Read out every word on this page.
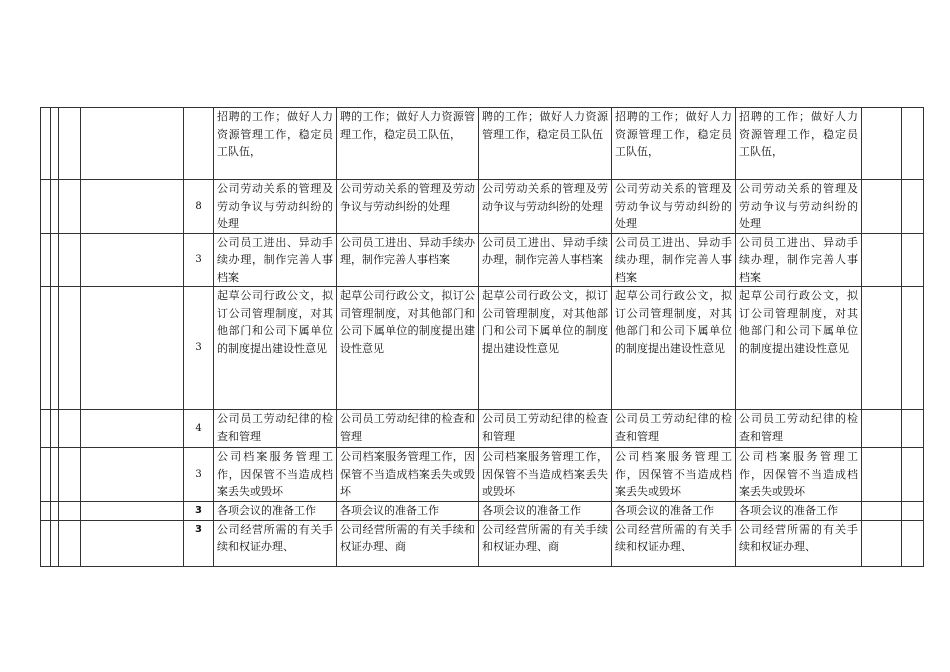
					招聘的工作；做好人力资源管理工作，稳定员工队伍，	聘的工作；做好人力资源管理工作，稳定员工队伍，	聘的工作；做好人力资源管理工作，稳定员工队伍	招聘的工作；做好人力资源管理工作，稳定员工队伍，	招聘的工作；做好人力资源管理工作，稳定员工队伍，		
				8	公司劳动关系的管理及劳动争议与劳动纠纷的处理	公司劳动关系的管理及劳动争议与劳动纠纷的处理	公司劳动关系的管理及劳动争议与劳动纠纷的处理	公司劳动关系的管理及劳动争议与劳动纠纷的处理	公司劳动关系的管理及劳动争议与劳动纠纷的处理		
				3	公司员工进出、异动手续办理，制作完善人事档案	公司员工进出、异动手续办理，制作完善人事档案	公司员工进出、异动手续办理，制作完善人事档案	公司员工进出、异动手续办理，制作完善人事档案	公司员工进出、异动手续办理，制作完善人事档案		
				3	起草公司行政公文，拟订公司管理制度，对其他部门和公司下属单位的制度提出建设性意见	起草公司行政公文，拟订公司管理制度，对其他部门和公司下属单位的制度提出建设性意见	起草公司行政公文，拟订公司管理制度，对其他部门和公司下属单位的制度提出建设性意见	起草公司行政公文，拟订公司管理制度，对其他部门和公司下属单位的制度提出建设性意见	起草公司行政公文，拟订公司管理制度，对其他部门和公司下属单位的制度提出建设性意见		
				4	公司员工劳动纪律的检查和管理	公司员工劳动纪律的检查和管理	公司员工劳动纪律的检查和管理	公司员工劳动纪律的检查和管理	公司员工劳动纪律的检查和管理		
				3	公司档案服务管理工作，因保管不当造成档案丢失或毁坏	公司档案服务管理工作，因保管不当造成档案丢失或毁坏	公司档案服务管理工作，因保管不当造成档案丢失或毁坏	公司档案服务管理工作，因保管不当造成档案丢失或毁坏	公司档案服务管理工作，因保管不当造成档案丢失或毁坏		
				3	各项会议的准备工作	各项会议的准备工作	各项会议的准备工作	各项会议的准备工作	各项会议的准备工作		
				3	公司经营所需的有关手续和权证办理、	公司经营所需的有关手续和权证办理、商	公司经营所需的有关手续和权证办理、商	公司经营所需的有关手续和权证办理、	公司经营所需的有关手续和权证办理、		
